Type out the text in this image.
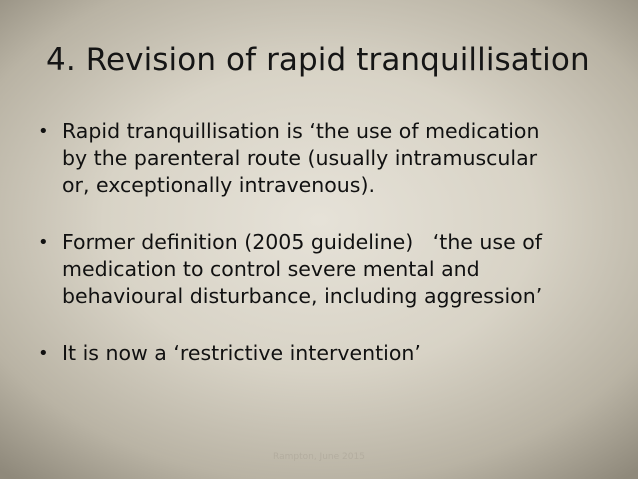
4. Revision of rapid tranquillisation
• Rapid tranquillisation is ‘the use of medication
by the parenteral route (usually intramuscular
or, exceptionally intravenous).
• Former definition (2005 guideline)   ‘the use of
medication to control severe mental and
behavioural disturbance, including aggression’
• It is now a ‘restrictive intervention’
Rampton, June 2015
